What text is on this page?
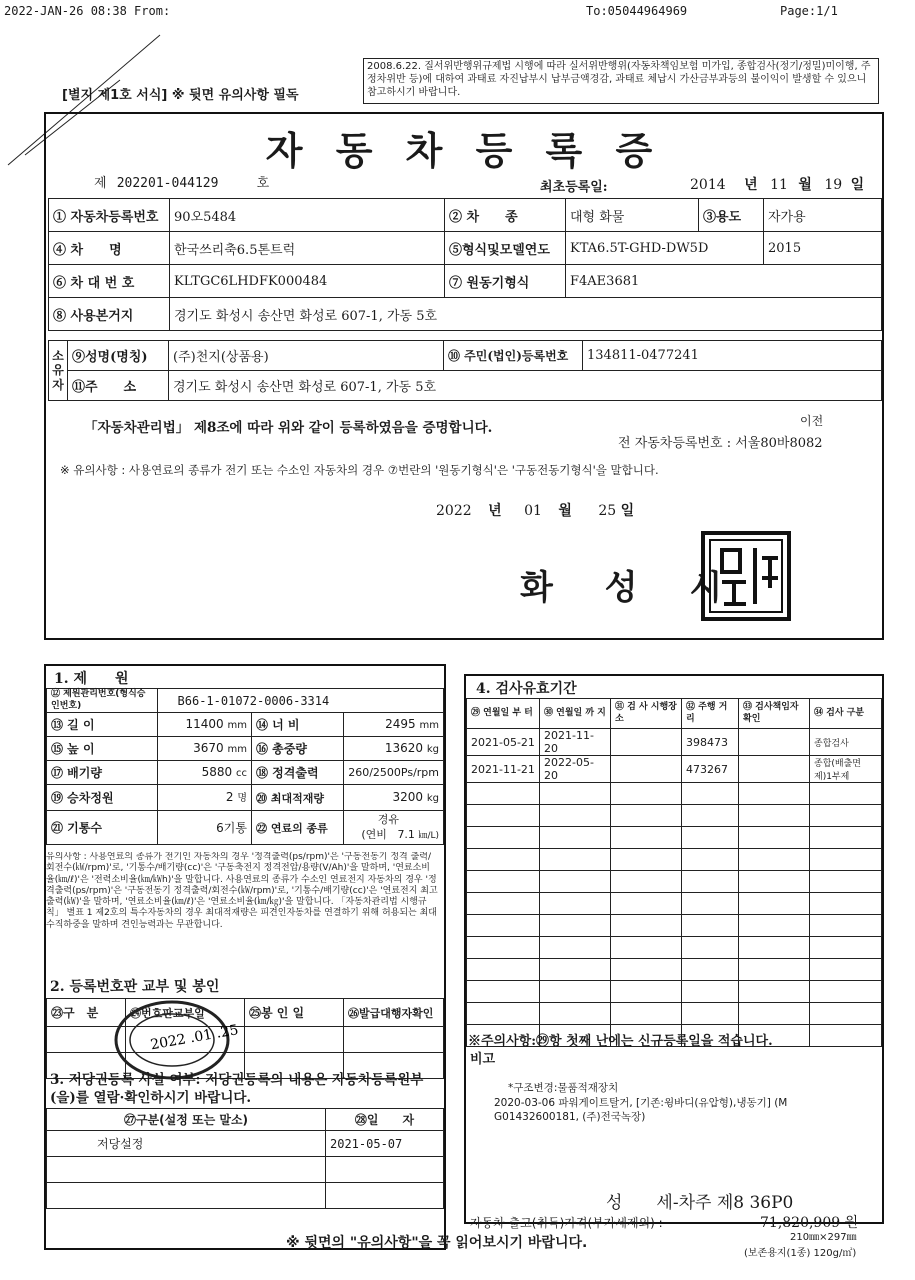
2022-JAN-26 08:38 From:	To:05044964969	Page:1/1
[별지 제1호 서식] ※ 뒷면 유의사항 필독
2008.6.22. 질서위반행위규제법 시행에 따라 실서위반행위(자동차책임보험 미가입, 종합검사(정기/정밀)미이행, 주정차위반 등)에 대하여 과태료 자진납부시 납부금액경감, 과태료 체납시 가산금부과등의 불이익이 발생할 수 있으니 참고하시기 바랍니다.
자 동 차 등 록 증
제 202201-044129	호	최초등록일:	2014 년 11 월 19 일
① 자동차등록번호	90오5484	② 차　　종	대형 화물	③용도	자가용
④ 차　　명	한국쓰리축6.5톤트럭	⑤형식및모델연도	KTA6.5T-GHD-DW5D		2015
⑥ 차 대 번 호	KLTGC6LHDFK000484	⑦ 원동기형식	F4AE3681		
⑧ 사용본거지	경기도 화성시 송산면 화성로 607-1, 가동 5호				
소유자	⑨성명(명칭)	(주)천지(상품용)	⑩ 주민(법인)등록번호	134811-0477241
	⑪주　　소	경기도 화성시 송산면 화성로 607-1, 가동 5호		
「자동차관리법」 제8조에 따라 위와 같이 등록하였음을 증명합니다.	이전
전 자동차등록번호 : 서울80바8082
※ 유의사항 : 사용연료의 종류가 전기 또는 수소인 자동차의 경우 ⑦번란의 '원동기형식'은 '구동전동기형식'을 말합니다.
2022 년 01 월 25 일
화 성 시
1. 제　　원
⑫ 제원관리번호(형식승인번호)	B66-1-01072-0006-3314		
⑬ 길 이	11400 mm	⑭ 너 비	2495 mm
⑮ 높 이	3670 mm	⑯ 총중량	13620 kg
⑰ 배기량	5880 cc	⑱ 정격출력	260/2500Ps/rpm
⑲ 승차정원	2 명	⑳ 최대적재량	3200 kg
㉑ 기통수	6기통	㉒ 연료의 종류	경유
(연비 7.1 ㎞/L)
유의사항 : 사용연료의 종류가 전기인 자동차의 경우 '정격출력(ps/rpm)'은 '구동전동기 정격 출력/회전수(㎾/rpm)'로, '기통수/배기량(cc)'은 '구동축전지 정격전압/용량(V/Ah)'을 말하며, '연료소비율(㎞/ℓ)'은 '전력소비율(㎞/㎾h)'을 말합니다. 사용연료의 종류가 수소인 연료전지 자동차의 경우 '정격출력(ps/rpm)'은 '구동전동기 정격출력/회전수(㎾/rpm)'로, '기통수/배기량(cc)'은 '연료전지 최고출력(㎾)'을 말하며, '연료소비율(㎞/ℓ)'은 '연료소비율(㎞/㎏)'을 말합니다. 「자동차관리법 시행규칙」 별표 1 제2호의 특수자동차의 경우 최대적재량은 피견인자동차를 연결하기 위해 허용되는 최대 수직하중을 말하며 견인능력과는 무관합니다.
2. 등록번호판 교부 및 봉인
㉓구　분	㉔번호판교부일	㉕봉 인 일	㉖발급대행자확인

2022 .01 .25
3. 저당권등록 사실 여부: 저당권등록의 내용은 자동차등록원부(을)를 열람·확인하시기 바랍니다.
㉗구분(설정 또는 말소)	㉘일　　자
저당설정	2021-05-07

4. 검사유효기간
㉙ 연월일 부 터	㉚ 연월일 까 지	㉛ 검 사 시행장소	㉜ 주행 거리	㉝ 검사책임자 확인	㉞ 검사 구분
2021-05-21	2021-11-20		398473		종합검사
2021-11-21	2022-05-20		473267		종합(배출면제)1부제

※주의사항:㉙항 첫째 난에는 신규등록일을 적습니다.
비고
*구조변경:물품적재장치
2020-03-06 파워게이트탈거, [기존:윙바디(유압형),냉동기] (M G01432600181, (주)전국녹장)
성　　세-차주 제8 36P0
자동차 출고(취득)가격(부가세제외) :	71,820,909 원
210㎜×297㎜
(보존용지(1종) 120g/㎡)
※ 뒷면의 "유의사항"을 꼭 읽어보시기 바랍니다.
